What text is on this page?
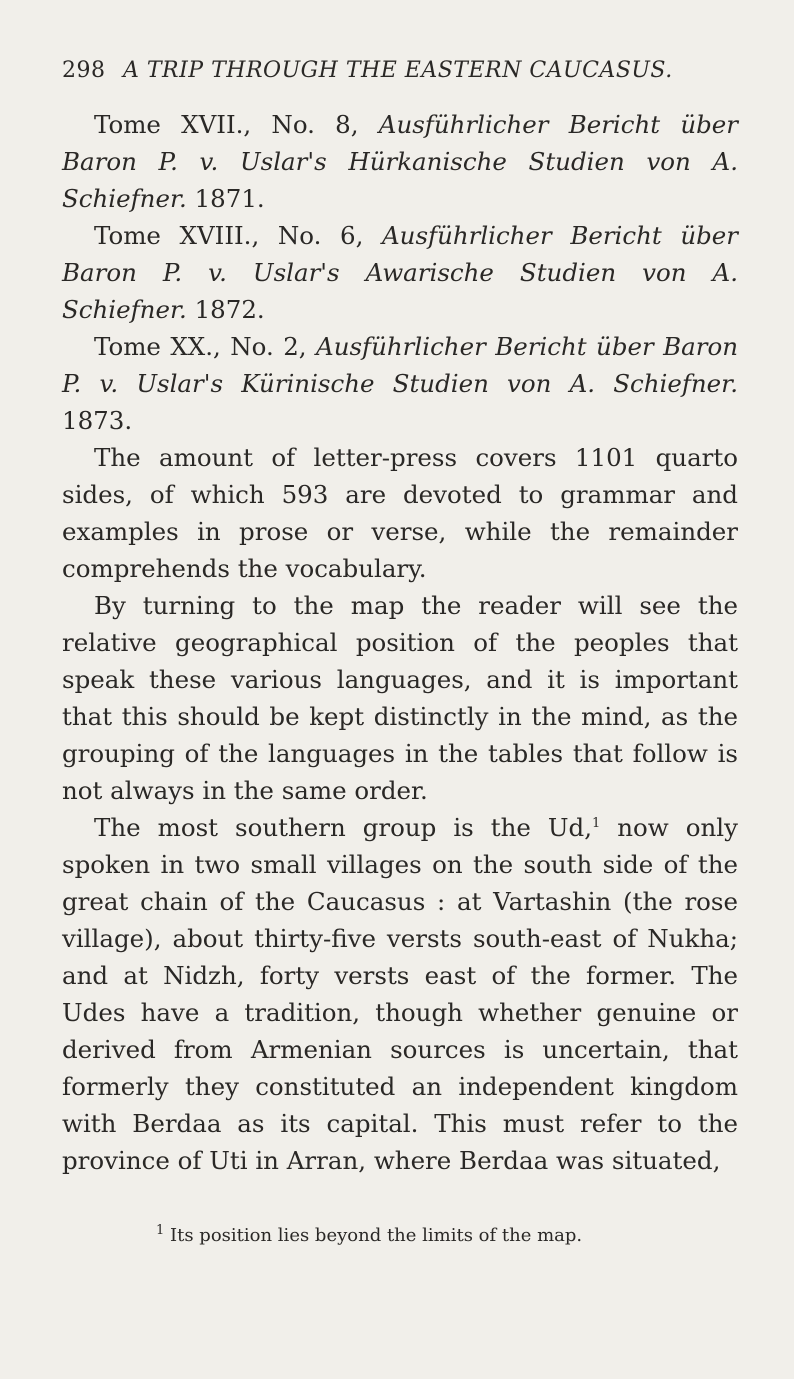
298 A TRIP THROUGH THE EASTERN CAUCASUS.

Tome XVII., No. 8, Ausführlicher Bericht über Baron P. v. Uslar's Hürkanische Studien von A. Schiefner. 1871.

Tome XVIII., No. 6, Ausführlicher Bericht über Baron P. v. Uslar's Awarische Studien von A. Schiefner. 1872.

Tome XX., No. 2, Ausführlicher Bericht über Baron P. v. Uslar's Kürinische Studien von A. Schiefner. 1873.

The amount of letter-press covers 1101 quarto sides, of which 593 are devoted to grammar and examples in prose or verse, while the remainder comprehends the vocabulary.

By turning to the map the reader will see the relative geographical position of the peoples that speak these various languages, and it is important that this should be kept distinctly in the mind, as the grouping of the languages in the tables that follow is not always in the same order.

The most southern group is the Ud,$^1$ now only spoken in two small villages on the south side of the great chain of the Caucasus : at Vartashin (the rose village), about thirty-five versts south-east of Nukha; and at Nidzh, forty versts east of the former. The Udes have a tradition, though whether genuine or derived from Armenian sources is uncertain, that formerly they constituted an independent kingdom with Berdaa as its capital. This must refer to the province of Uti in Arran, where Berdaa was situated,

$^1$ Its position lies beyond the limits of the map.
